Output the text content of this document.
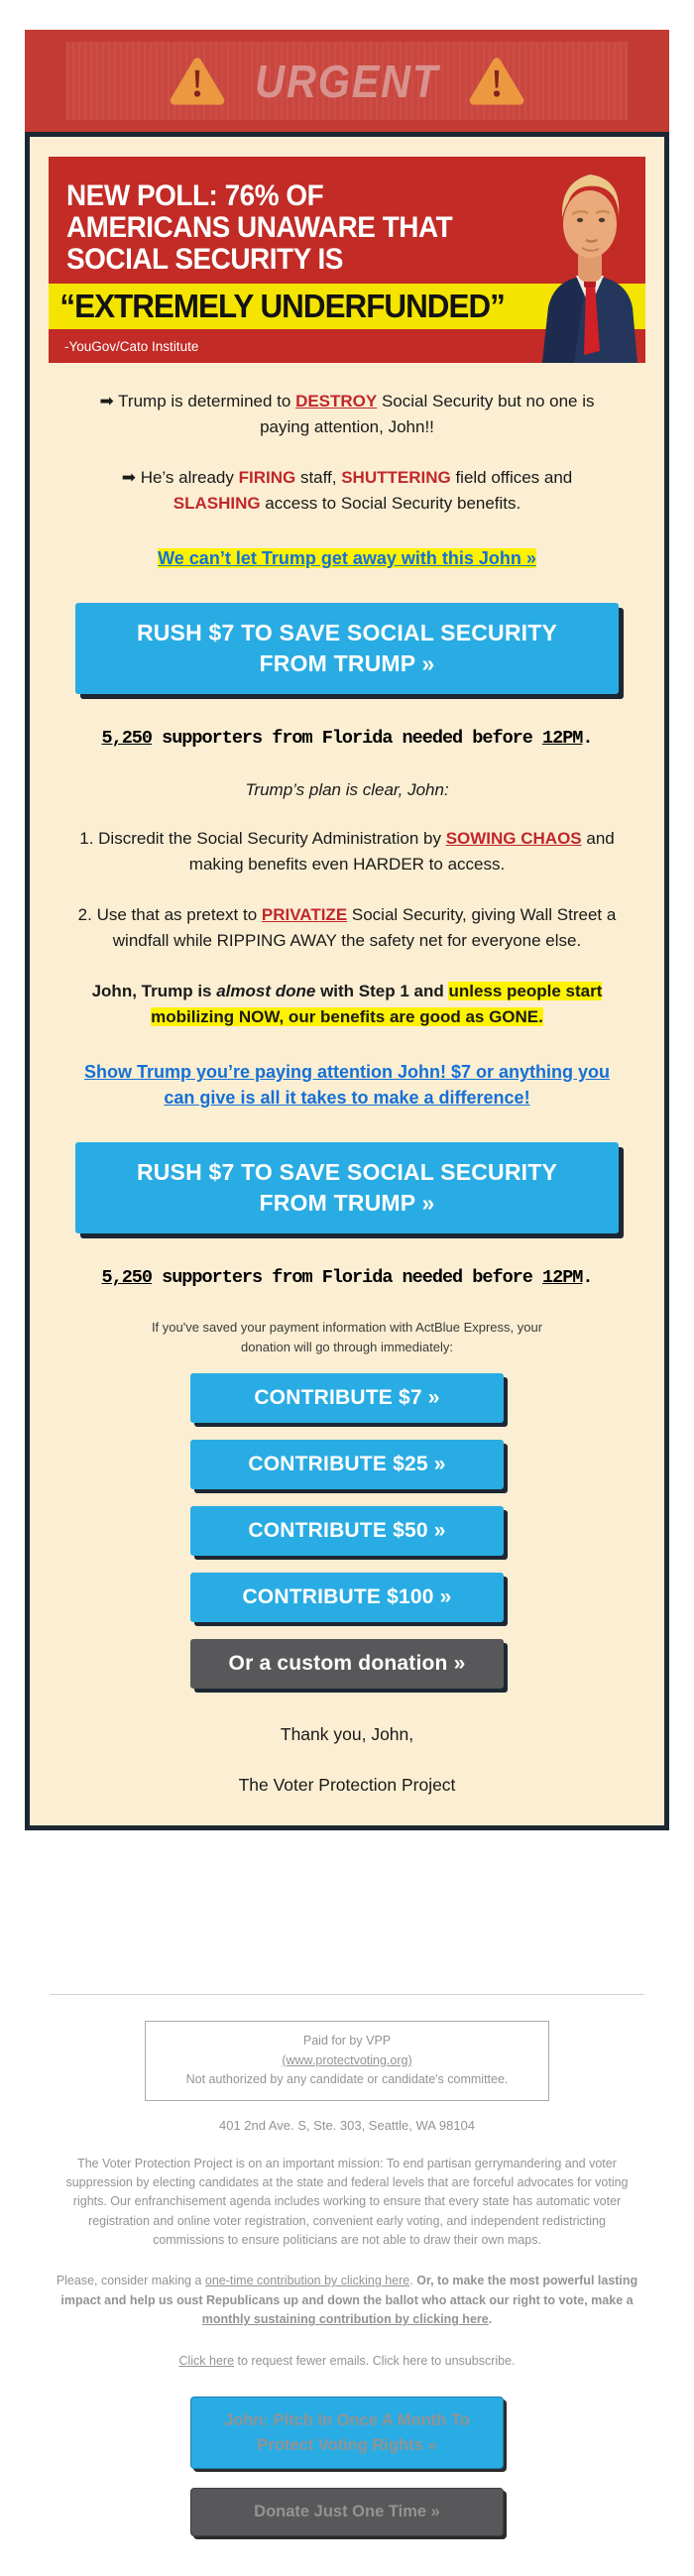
URGENT
NEW POLL: 76% OF
AMERICANS UNAWARE THAT
SOCIAL SECURITY IS
“EXTREMELY UNDERFUNDED”
-YouGov/Cato Institute

➡ Trump is determined to DESTROY Social Security but no one is paying attention, John!!

➡ He’s already FIRING staff, SHUTTERING field offices and SLASHING access to Social Security benefits.

We can’t let Trump get away with this John »
RUSH $7 TO SAVE SOCIAL SECURITY FROM TRUMP »

5,250 supporters from Florida needed before 12PM.

Trump’s plan is clear, John:

1. Discredit the Social Security Administration by SOWING CHAOS and making benefits even HARDER to access.

2. Use that as pretext to PRIVATIZE Social Security, giving Wall Street a windfall while RIPPING AWAY the safety net for everyone else.

John, Trump is almost done with Step 1 and unless people start mobilizing NOW, our benefits are good as GONE.

Show Trump you’re paying attention John! $7 or anything you can give is all it takes to make a difference!
RUSH $7 TO SAVE SOCIAL SECURITY FROM TRUMP »

5,250 supporters from Florida needed before 12PM.

If you've saved your payment information with ActBlue Express, your donation will go through immediately:

CONTRIBUTE $7 »
CONTRIBUTE $25 »
CONTRIBUTE $50 »
CONTRIBUTE $100 »
Or a custom donation »

Thank you, John,

The Voter Protection Project

Paid for by VPP
(www.protectvoting.org)
Not authorized by any candidate or candidate's committee.

401 2nd Ave. S, Ste. 303, Seattle, WA 98104

The Voter Protection Project is on an important mission: To end partisan gerrymandering and voter suppression by electing candidates at the state and federal levels that are forceful advocates for voting rights. Our enfranchisement agenda includes working to ensure that every state has automatic voter registration and online voter registration, convenient early voting, and independent redistricting commissions to ensure politicians are not able to draw their own maps.

Please, consider making a one-time contribution by clicking here. Or, to make the most powerful lasting impact and help us oust Republicans up and down the ballot who attack our right to vote, make a monthly sustaining contribution by clicking here.

Click here to request fewer emails. Click here to unsubscribe.

John: Pitch In Once A Month To Protect Voting Rights »
Donate Just One Time »
